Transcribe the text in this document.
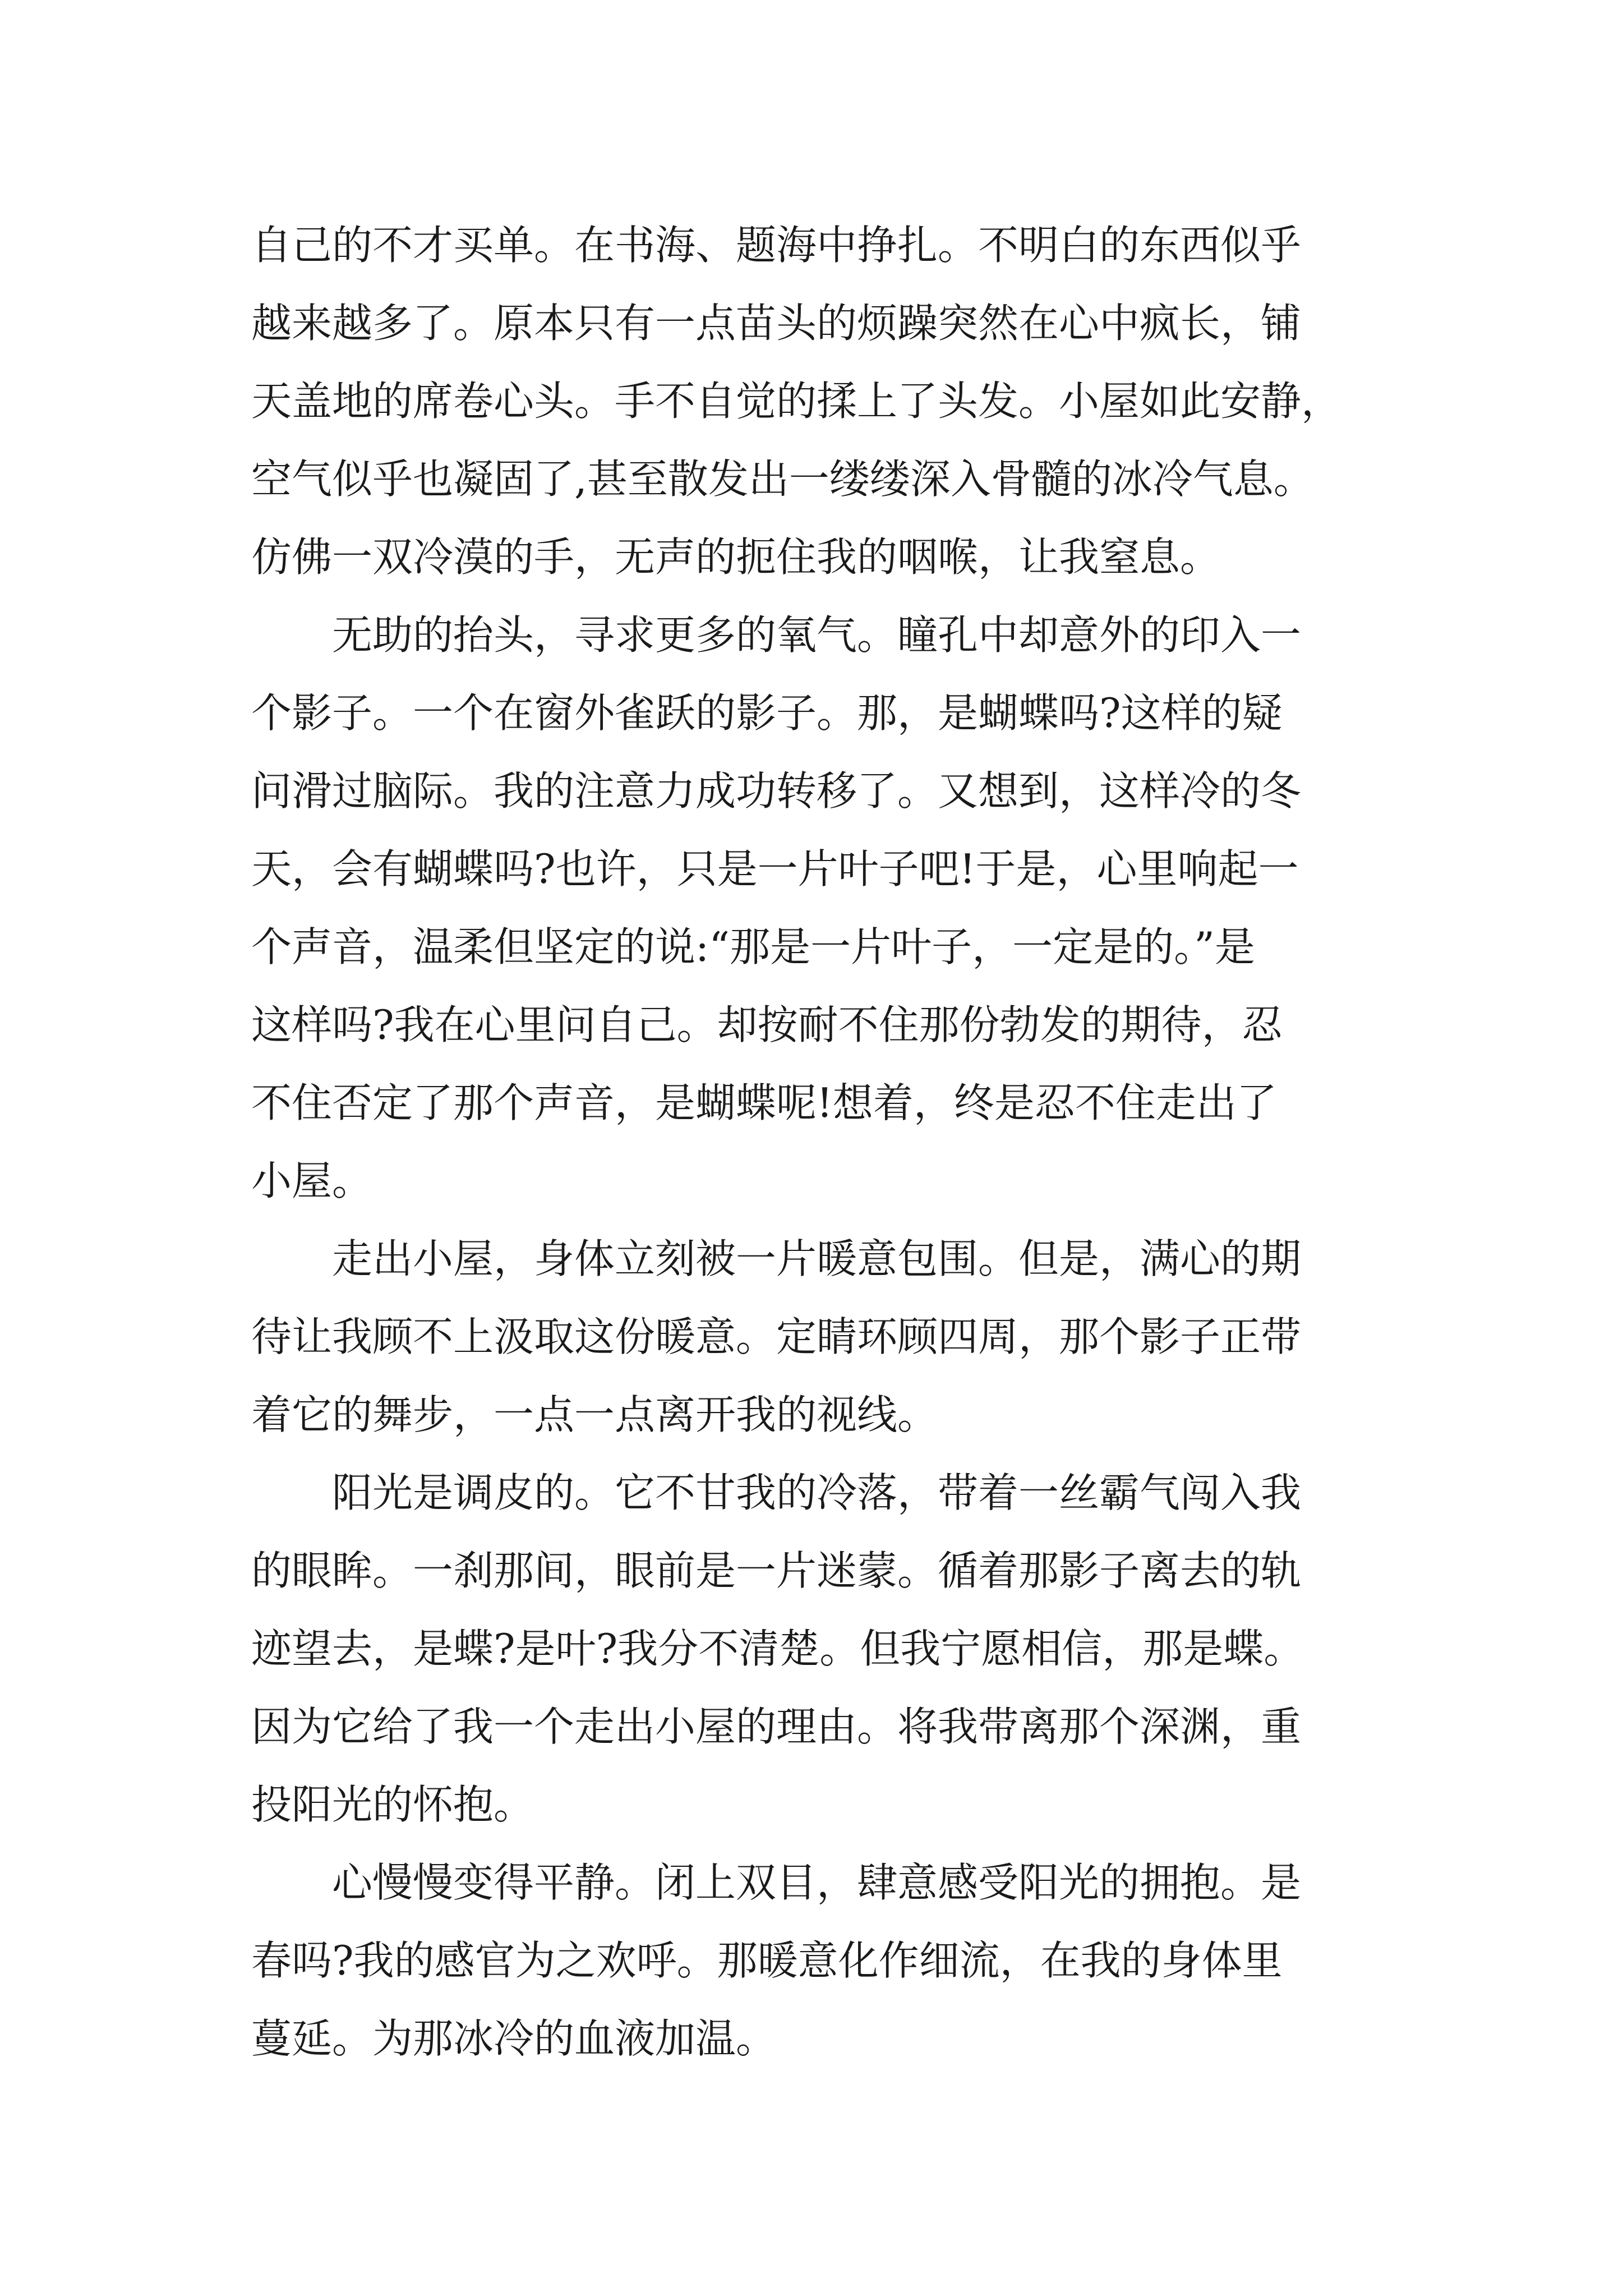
自己的不才买单。在书海、题海中挣扎。不明白的东西似乎
越来越多了。原本只有一点苗头的烦躁突然在心中疯长，铺
天盖地的席卷心头。手不自觉的揉上了头发。小屋如此安静，
空气似乎也凝固了,甚至散发出一缕缕深入骨髓的冰冷气息。
仿佛一双冷漠的手，无声的扼住我的咽喉，让我窒息。
无助的抬头，寻求更多的氧气。瞳孔中却意外的印入一
个影子。一个在窗外雀跃的影子。那，是蝴蝶吗?这样的疑
问滑过脑际。我的注意力成功转移了。又想到，这样冷的冬
天，会有蝴蝶吗?也许，只是一片叶子吧!于是，心里响起一
个声音，温柔但坚定的说:“那是一片叶子，一定是的。”是
这样吗?我在心里问自己。却按耐不住那份勃发的期待，忍
不住否定了那个声音，是蝴蝶呢!想着，终是忍不住走出了
小屋。
走出小屋，身体立刻被一片暖意包围。但是，满心的期
待让我顾不上汲取这份暖意。定睛环顾四周，那个影子正带
着它的舞步，一点一点离开我的视线。
阳光是调皮的。它不甘我的冷落，带着一丝霸气闯入我
的眼眸。一刹那间，眼前是一片迷蒙。循着那影子离去的轨
迹望去，是蝶?是叶?我分不清楚。但我宁愿相信，那是蝶。
因为它给了我一个走出小屋的理由。将我带离那个深渊，重
投阳光的怀抱。
心慢慢变得平静。闭上双目，肆意感受阳光的拥抱。是
春吗?我的感官为之欢呼。那暖意化作细流，在我的身体里
蔓延。为那冰冷的血液加温。
